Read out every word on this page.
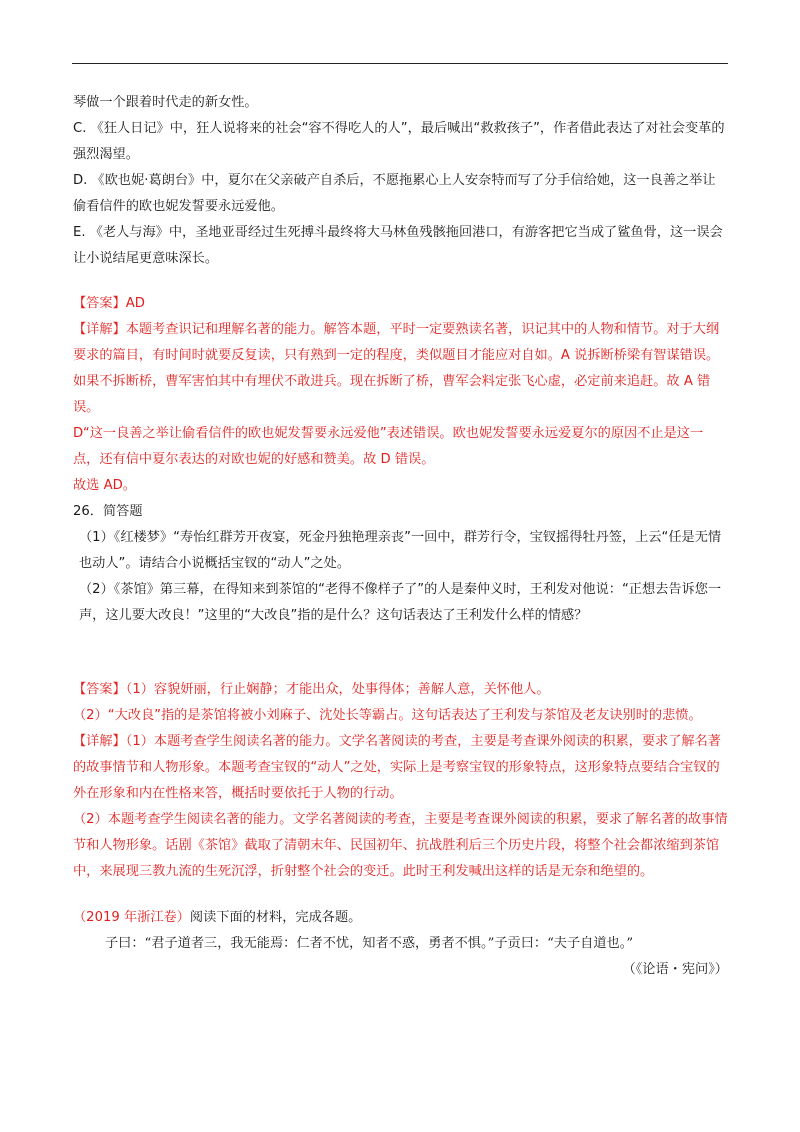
琴做一个跟着时代走的新女性。

C. 《狂人日记》中，狂人说将来的社会“容不得吃人的人”，最后喊出“救救孩子”，作者借此表达了对社会变革的强烈渴望。

D. 《欧也妮·葛朗台》中，夏尔在父亲破产自杀后，不愿拖累心上人安奈特而写了分手信给她，这一良善之举让偷看信件的欧也妮发誓要永远爱他。

E. 《老人与海》中，圣地亚哥经过生死搏斗最终将大马林鱼残骸拖回港口，有游客把它当成了鲨鱼骨，这一误会让小说结尾更意味深长。

【答案】AD

【详解】本题考查识记和理解名著的能力。解答本题，平时一定要熟读名著，识记其中的人物和情节。对于大纲要求的篇目，有时间时就要反复读，只有熟到一定的程度，类似题目才能应对自如。A 说拆断桥梁有智谋错误。如果不拆断桥，曹军害怕其中有埋伏不敢进兵。现在拆断了桥，曹军会料定张飞心虚，必定前来追赶。故 A 错误。

D“这一良善之举让偷看信件的欧也妮发誓要永远爱他”表述错误。欧也妮发誓要永远爱夏尔的原因不止是这一点，还有信中夏尔表达的对欧也妮的好感和赞美。故 D 错误。

故选 AD。

26．简答题

（1）《红楼梦》“寿怡红群芳开夜宴，死金丹独艳理亲丧”一回中，群芳行令，宝钗摇得牡丹签，上云“任是无情也动人”。请结合小说概括宝钗的“动人”之处。

（2）《茶馆》第三幕，在得知来到茶馆的“老得不像样子了”的人是秦仲义时，王利发对他说：“正想去告诉您一声，这儿要大改良！”这里的“大改良”指的是什么？这句话表达了王利发什么样的情感？

【答案】（1）容貌妍丽，行止娴静；才能出众，处事得体；善解人意，关怀他人。

（2）“大改良”指的是茶馆将被小刘麻子、沈处长等霸占。这句话表达了王利发与茶馆及老友诀别时的悲愤。

【详解】（1）本题考查学生阅读名著的能力。文学名著阅读的考查，主要是考查课外阅读的积累，要求了解名著的故事情节和人物形象。本题考查宝钗的“动人”之处，实际上是考察宝钗的形象特点，这形象特点要结合宝钗的外在形象和内在性格来答，概括时要依托于人物的行动。

（2）本题考查学生阅读名著的能力。文学名著阅读的考查，主要是考查课外阅读的积累，要求了解名著的故事情节和人物形象。话剧《茶馆》截取了清朝末年、民国初年、抗战胜利后三个历史片段，将整个社会都浓缩到茶馆中，来展现三教九流的生死沉浮，折射整个社会的变迁。此时王利发喊出这样的话是无奈和绝望的。

（2019 年浙江卷）阅读下面的材料，完成各题。

子曰：“君子道者三，我无能焉：仁者不忧，知者不惑，勇者不惧。”子贡曰：“夫子自道也。”

（《论语・宪问》）
